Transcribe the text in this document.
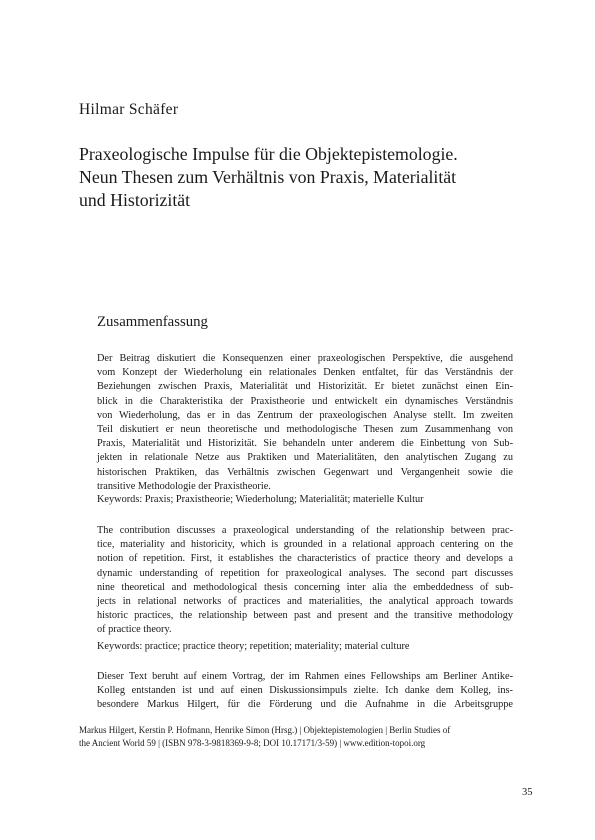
Hilmar Schäfer
Praxeologische Impulse für die Objektepistemologie.
Neun Thesen zum Verhältnis von Praxis, Materialität
und Historizität
Zusammenfassung
Der Beitrag diskutiert die Konsequenzen einer praxeologischen Perspektive, die ausgehend
vom Konzept der Wiederholung ein relationales Denken entfaltet, für das Verständnis der
Beziehungen zwischen Praxis, Materialität und Historizität. Er bietet zunächst einen Ein-
blick in die Charakteristika der Praxistheorie und entwickelt ein dynamisches Verständnis
von Wiederholung, das er in das Zentrum der praxeologischen Analyse stellt. Im zweiten
Teil diskutiert er neun theoretische und methodologische Thesen zum Zusammenhang von
Praxis, Materialität und Historizität. Sie behandeln unter anderem die Einbettung von Sub-
jekten in relationale Netze aus Praktiken und Materialitäten, den analytischen Zugang zu
historischen Praktiken, das Verhältnis zwischen Gegenwart und Vergangenheit sowie die
transitive Methodologie der Praxistheorie.
Keywords: Praxis; Praxistheorie; Wiederholung; Materialität; materielle Kultur
The contribution discusses a praxeological understanding of the relationship between prac-
tice, materiality and historicity, which is grounded in a relational approach centering on the
notion of repetition. First, it establishes the characteristics of practice theory and develops a
dynamic understanding of repetition for praxeological analyses. The second part discusses
nine theoretical and methodological thesis concerning inter alia the embeddedness of sub-
jects in relational networks of practices and materialities, the analytical approach towards
historic practices, the relationship between past and present and the transitive methodology
of practice theory.
Keywords: practice; practice theory; repetition; materiality; material culture
Dieser Text beruht auf einem Vortrag, der im Rahmen eines Fellowships am Berliner Antike-
Kolleg entstanden ist und auf einen Diskussionsimpuls zielte. Ich danke dem Kolleg, ins-
besondere Markus Hilgert, für die Förderung und die Aufnahme in die Arbeitsgruppe
Markus Hilgert, Kerstin P. Hofmann, Henrike Simon (Hrsg.) | Objektepistemologien | Berlin Studies of
the Ancient World 59 | (ISBN 978-3-9818369-9-8; DOI 10.17171/3-59) | www.edition-topoi.org
35
